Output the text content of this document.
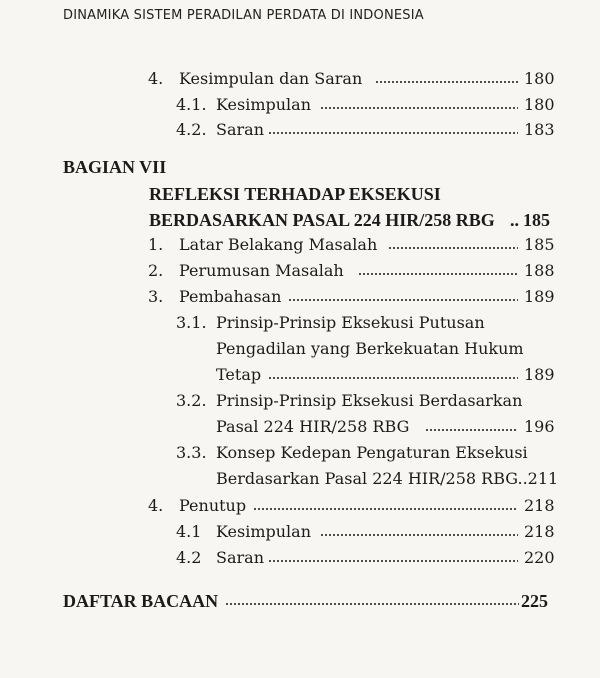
DINAMIKA SISTEM PERADILAN PERDATA DI INDONESIA
4. Kesimpulan dan Saran	180
4.1. Kesimpulan	180
4.2. Saran	183
BAGIAN VII
REFLEKSI TERHADAP EKSEKUSI
BERDASARKAN PASAL 224 HIR/258 RBG .. 185
1. Latar Belakang Masalah	185
2. Perumusan Masalah	188
3. Pembahasan	189
3.1. Prinsip-Prinsip Eksekusi Putusan
Pengadilan yang Berkekuatan Hukum
Tetap	189
3.2. Prinsip-Prinsip Eksekusi Berdasarkan
Pasal 224 HIR/258 RBG	196
3.3. Konsep Kedepan Pengaturan Eksekusi
Berdasarkan Pasal 224 HIR/258 RBG..211
4. Penutup	218
4.1 Kesimpulan	218
4.2 Saran	220
DAFTAR BACAAN	225
